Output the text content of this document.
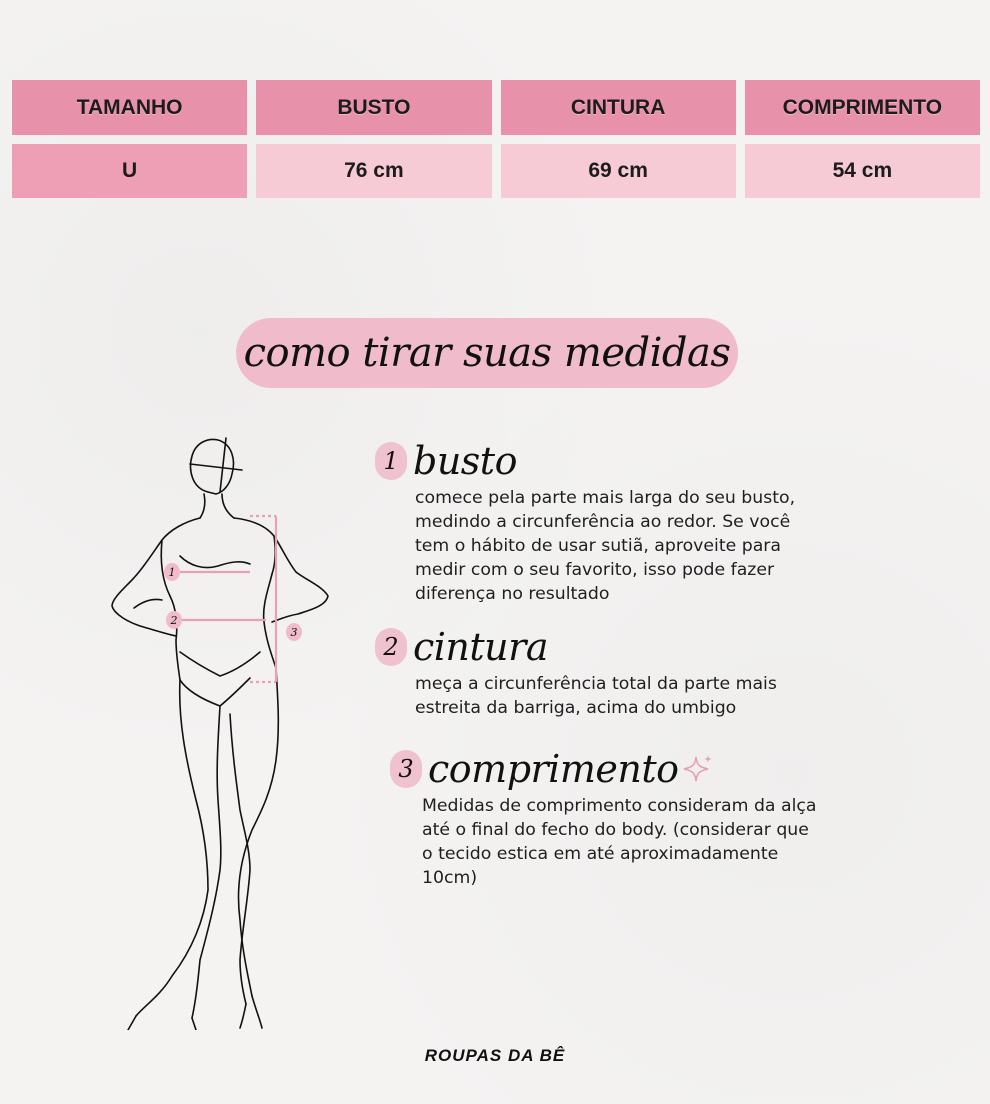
TAMANHO	BUSTO	CINTURA	COMPRIMENTO
U	76 cm	69 cm	54 cm
como tirar suas medidas
1
2
3
1 busto

comece pela parte mais larga do seu busto,
medindo a circunferência ao redor. Se você
tem o hábito de usar sutiã, aproveite para
medir com o seu favorito, isso pode fazer
diferença no resultado

2 cintura

meça a circunferência total da parte mais
estreita da barriga, acima do umbigo

3 comprimento

Medidas de comprimento consideram da alça
até o final do fecho do body. (considerar que
o tecido estica em até aproximadamente
10cm)

ROUPAS DA BÊ
